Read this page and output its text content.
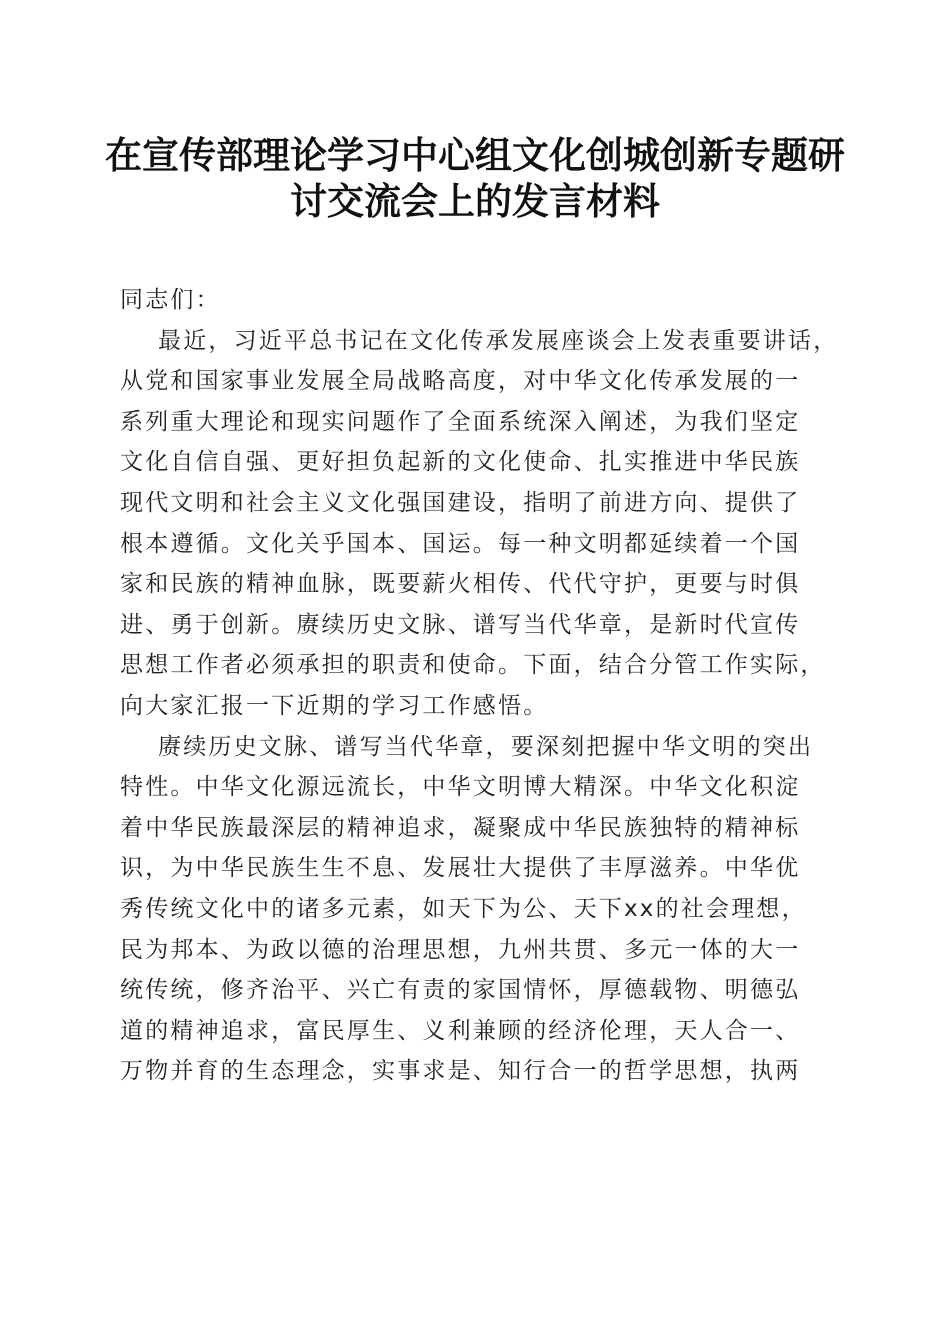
在宣传部理论学习中心组文化创城创新专题研
讨交流会上的发言材料
同志们：
最近，习近平总书记在文化传承发展座谈会上发表重要讲话，
从党和国家事业发展全局战略高度，对中华文化传承发展的一
系列重大理论和现实问题作了全面系统深入阐述，为我们坚定
文化自信自强、更好担负起新的文化使命、扎实推进中华民族
现代文明和社会主义文化强国建设，指明了前进方向、提供了
根本遵循。文化关乎国本、国运。每一种文明都延续着一个国
家和民族的精神血脉，既要薪火相传、代代守护，更要与时俱
进、勇于创新。赓续历史文脉、谱写当代华章，是新时代宣传
思想工作者必须承担的职责和使命。下面，结合分管工作实际，
向大家汇报一下近期的学习工作感悟。
赓续历史文脉、谱写当代华章，要深刻把握中华文明的突出
特性。中华文化源远流长，中华文明博大精深。中华文化积淀
着中华民族最深层的精神追求，凝聚成中华民族独特的精神标
识，为中华民族生生不息、发展壮大提供了丰厚滋养。中华优
秀传统文化中的诸多元素，如天下为公、天下xx的社会理想，
民为邦本、为政以德的治理思想，九州共贯、多元一体的大一
统传统，修齐治平、兴亡有责的家国情怀，厚德载物、明德弘
道的精神追求，富民厚生、义利兼顾的经济伦理，天人合一、
万物并育的生态理念，实事求是、知行合一的哲学思想，执两
